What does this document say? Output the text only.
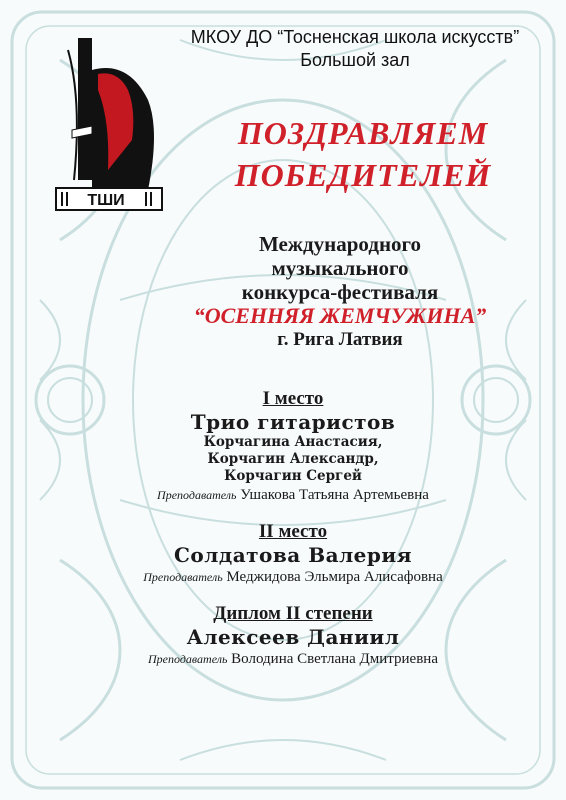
ТШИ
МКОУ ДО “Тосненская школа искусств”
Большой зал
ПОЗДРАВЛЯЕМ
ПОБЕДИТЕЛЕЙ
Международного
музыкального
конкурса-фестиваля
“ОСЕННЯЯ ЖЕМЧУЖИНА”
г. Рига Латвия
I место
Трио гитаристов
Корчагина Анастасия,
Корчагин Александр,
Корчагин Сергей
Преподаватель Ушакова Татьяна Артемьевна
II место
Солдатова Валерия
Преподаватель Меджидова Эльмира Алисафовна
Диплом II степени
Алексеев Даниил
Преподаватель Володина Светлана Дмитриевна
